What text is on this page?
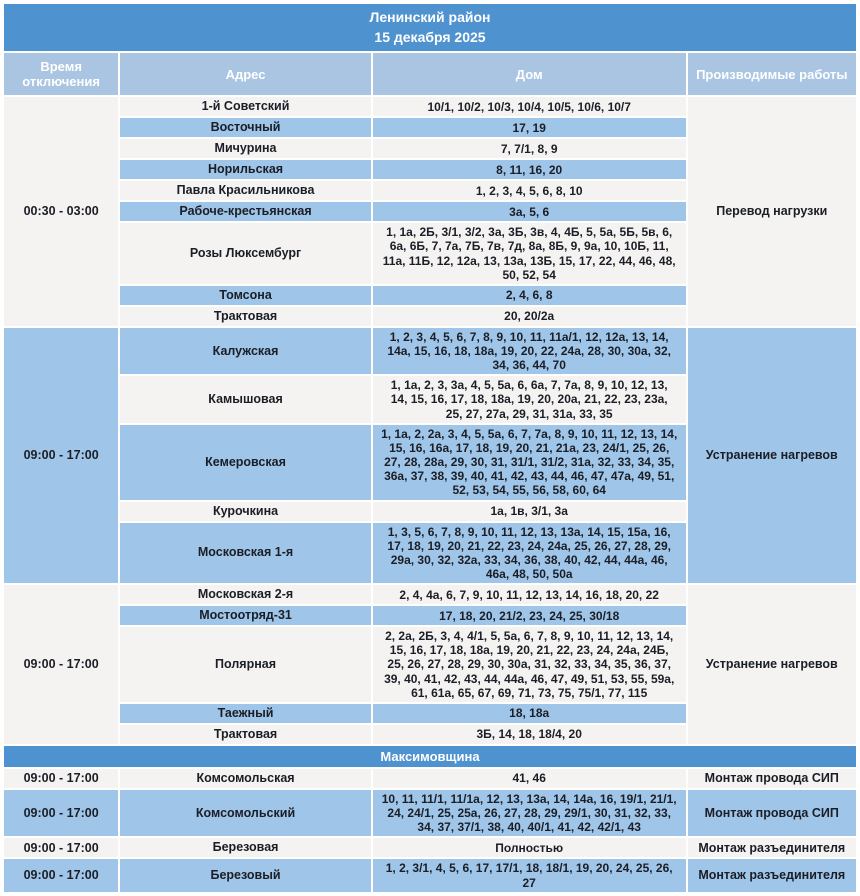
Ленинский район
15 декабря 2025			

Время отключения	Адрес	Дом	Производимые работы
00:30 - 03:00	1-й Советский	10/1, 10/2, 10/3, 10/4, 10/5, 10/6, 10/7	Перевод нагрузки
	Восточный	17, 19	
	Мичурина	7, 7/1, 8, 9	
	Норильская	8, 11, 16, 20	
	Павла Красильникова	1, 2, 3, 4, 5, 6, 8, 10	
	Рабоче-крестьянская	3а, 5, 6	
	Розы Люксембург	1, 1а, 2Б, 3/1, 3/2, 3а, 3Б, 3в, 4, 4Б, 5, 5а, 5Б, 5в, 6, 6а, 6Б, 7, 7а, 7Б, 7в, 7д, 8а, 8Б, 9, 9а, 10, 10Б, 11, 11а, 11Б, 12, 12а, 13, 13а, 13Б, 15, 17, 22, 44, 46, 48, 50, 52, 54	
	Томсона	2, 4, 6, 8	
	Трактовая	20, 20/2а	
09:00 - 17:00	Калужская	1, 2, 3, 4, 5, 6, 7, 8, 9, 10, 11, 11а/1, 12, 12а, 13, 14, 14а, 15, 16, 18, 18а, 19, 20, 22, 24а, 28, 30, 30а, 32, 34, 36, 44, 70	Устранение нагревов
	Камышовая	1, 1а, 2, 3, 3а, 4, 5, 5а, 6, 6а, 7, 7а, 8, 9, 10, 12, 13, 14, 15, 16, 17, 18, 18а, 19, 20, 20а, 21, 22, 23, 23а, 25, 27, 27а, 29, 31, 31а, 33, 35	
	Кемеровская	1, 1а, 2, 2а, 3, 4, 5, 5а, 6, 7, 7а, 8, 9, 10, 11, 12, 13, 14, 15, 16, 16а, 17, 18, 19, 20, 21, 21а, 23, 24/1, 25, 26, 27, 28, 28а, 29, 30, 31, 31/1, 31/2, 31а, 32, 33, 34, 35, 36а, 37, 38, 39, 40, 41, 42, 43, 44, 46, 47, 47а, 49, 51, 52, 53, 54, 55, 56, 58, 60, 64	
	Курочкина	1а, 1в, 3/1, 3а	
	Московская 1-я	1, 3, 5, 6, 7, 8, 9, 10, 11, 12, 13, 13а, 14, 15, 15а, 16, 17, 18, 19, 20, 21, 22, 23, 24, 24а, 25, 26, 27, 28, 29, 29а, 30, 32, 32а, 33, 34, 36, 38, 40, 42, 44, 44а, 46, 46а, 48, 50, 50а	
09:00 - 17:00	Московская 2-я	2, 4, 4а, 6, 7, 9, 10, 11, 12, 13, 14, 16, 18, 20, 22	Устранение нагревов
	Мостоотряд-31	17, 18, 20, 21/2, 23, 24, 25, 30/18	
	Полярная	2, 2а, 2Б, 3, 4, 4/1, 5, 5а, 6, 7, 8, 9, 10, 11, 12, 13, 14, 15, 16, 17, 18, 18а, 19, 20, 21, 22, 23, 24, 24а, 24Б, 25, 26, 27, 28, 29, 30, 30а, 31, 32, 33, 34, 35, 36, 37, 39, 40, 41, 42, 43, 44, 44а, 46, 47, 49, 51, 53, 55, 59а, 61, 61а, 65, 67, 69, 71, 73, 75, 75/1, 77, 115	
	Таежный	18, 18а	
	Трактовая	3Б, 14, 18, 18/4, 20	
Максимовщина			
09:00 - 17:00	Комсомольская	41, 46	Монтаж провода СИП
09:00 - 17:00	Комсомольский	10, 11, 11/1, 11/1а, 12, 13, 13а, 14, 14а, 16, 19/1, 21/1, 24, 24/1, 25, 25а, 26, 27, 28, 29, 29/1, 30, 31, 32, 33, 34, 37, 37/1, 38, 40, 40/1, 41, 42, 42/1, 43	Монтаж провода СИП
09:00 - 17:00	Березовая	Полностью	Монтаж разъединителя
09:00 - 17:00	Березовый	1, 2, 3/1, 4, 5, 6, 17, 17/1, 18, 18/1, 19, 20, 24, 25, 26, 27	Монтаж разъединителя
